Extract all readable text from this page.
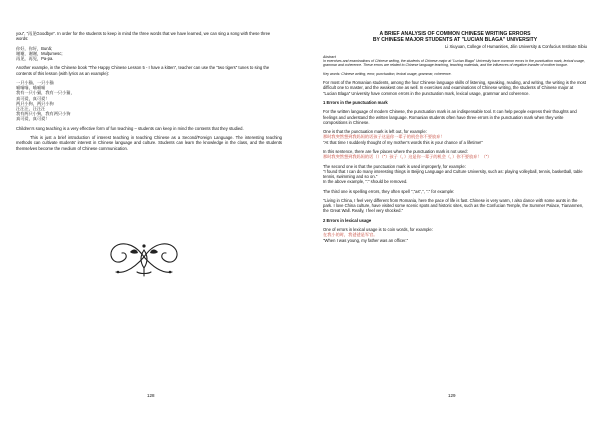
you", "再见Goodbye". In order for the students to keep in mind the three words that we have learned, we can sing a song with these three words:

你好，你好，Bună;

谢谢，谢谢，Mulţumesc;

再见，再见，Pa-pa.

Another example, in the Chinese book "The Happy Chinese Lesson 5 - I have a kitten", teacher can use the "two tigers" tunes to sing the contents of this lesson (with lyrics as an example):

一只小猫，一只小猫

喵喵喵，喵喵喵

我有一只小猫，我有一只小猫，

真可爱，真可爱！

两只小狗，两只小狗

汪汪汪，汪汪汪

我有两只小狗，我有两只小狗

真可爱，真可爱！

Children's song teaching is a very effective form of fun teaching – students can keep in mind the contents that they studied.

This is just a brief introduction of interest teaching in teaching Chinese as a Second/Foreign Language. The interesting teaching methods can cultivate students' interest in Chinese language and culture. Students can learn the knowledge in the class, and the students themselves become the medium of Chinese communication.

128

A BRIEF ANALYSIS OF COMMON CHINESE WRITING ERRORS

BY CHINESE MAJOR STUDENTS AT "LUCIAN BLAGA" UNIVERSITY

Li Xiuyuan, College of Humanities, Jilin University & Confucius Institute Sibiu

Abstract

In exercises and examinations of Chinese writing, the students of Chinese major at "Lucian Blaga" University have common errors in the punctuation mark, lexical usage, grammar and coherence. These errors are related to Chinese language teaching, teaching materials, and the influences of negative transfer of mother tongue.

Key words: Chinese writing, error, punctuation, lexical usage, grammar, coherence.

For most of the Romanian students, among the four Chinese language skills of listening, speaking, reading, and writing, the writing is the most difficult one to master, and the weakest one as well. In exercises and examinations of Chinese writing, the students of Chinese major at "Lucian Blaga" University have common errors in the punctuation mark, lexical usage, grammar and coherence.

1 Errors in the punctuation mark

For the written language of modern Chinese, the punctuation mark is an indispensable tool. It can help people express their thoughts and feelings and understand the written language. Romanian students often have three errors in the punctuation mark when they write compositions in Chinese.

One is that the punctuation mark is left out, for example:

那时我突然想到我妈妈的话孩子这是你一辈子的机会你不要放弃！

"At that time I suddenly thought of my mother's words this is your chance of a lifetime!"

In this sentence, there are five places where the punctuation mark is not used:

那时我突然想到我妈妈的话（）（"）孩子（，）这是你一辈子的机会（，）你不要放弃！（"）

The second one is that the punctuation mark is used improperly, for example:

"I found that I can do many interesting things in Beijing Language and Culture University, such as: playing volleyball, tennis, basketball, table tennis, swimming and so on."

In the above example, ":" should be removed.

The third one is spelling errors, they often spell ","as",", "." for example:

"Living in China, I feel very different from Romania, here the pace of life is fast. Chinese is very warm, I also dance with some aunts in the park. I love China culture, have visited some scenic spots and historic sites, such as the Confucian Temple, the Summer Palace, Tiananmen, the Great Wall. Really, I feel very shocked."

2 Errors in lexical usage

One of errors in lexical usage is to coin words, for example:

在我小的时，我爸爸是军官。

"When I was young, my father was an officer."

129
